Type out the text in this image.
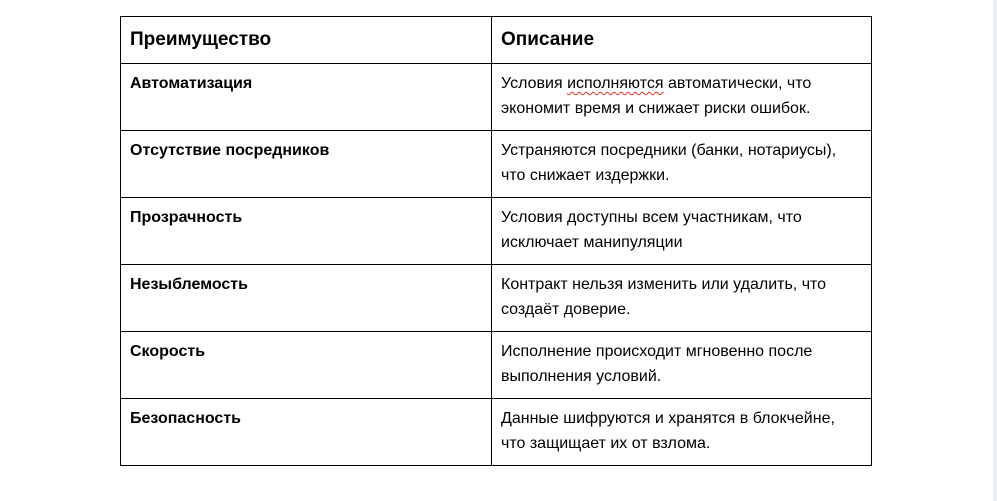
Преимущество	Описание
Автоматизация	Условия исполняются автоматически, что экономит время и снижает риски ошибок.
Отсутствие посредников	Устраняются посредники (банки, нотариусы), что снижает издержки.
Прозрачность	Условия доступны всем участникам, что исключает манипуляции
Незыблемость	Контракт нельзя изменить или удалить, что создаёт доверие.
Скорость	Исполнение происходит мгновенно после выполнения условий.
Безопасность	Данные шифруются и хранятся в блокчейне, что защищает их от взлома.
